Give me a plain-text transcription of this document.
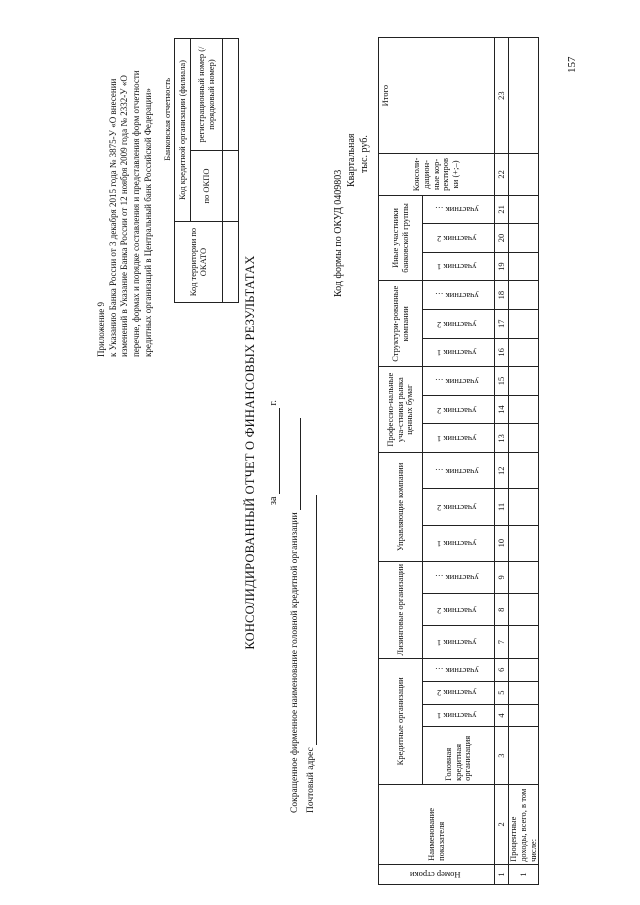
Приложение 9 к Указанию Банка России от 3 декабря 2015 года № 3875-У «О внесении изменений в Указание Банка России от 12 ноября 2009 года № 2332-У «О перечне, формах и порядке составления и представления форм отчетности кредитных организаций в Центральный банк Российской Федерации» Банковская отчетность
Код территории по ОКАТО	Код кредитной организации (филиала)	
	по ОКПО	регистрационный номер (/порядковый номер)

КОНСОЛИДИРОВАННЫЙ ОТЧЕТ О ФИНАНСОВЫХ РЕЗУЛЬТАТАХ за   г.
Сокращенное фирменное наименование головной кредитной организации Почтовый адрес
Код формы по ОКУД 0409803
Квартальная тыс. руб.
Номер строки	Наименование показателя	Кредитные организации				Лизинговые организации			Управляющие компании			Профессио-нальные уча-стники рынка ценных бумаг			Структури-рованные компании			Иные участники банковской группы			Консоли-дацион-ные кор-ректиров ки (+;–)	Итого
		Головная кредитная организация	участник 1	участник 2	участник …	участник 1	участник 2	участник …	участник 1	участник 2	участник …	участник 1	участник 2	участник …	участник 1	участник 2	участник …	участник 1	участник 2	участник …		
1	2	3	4	5	6	7	8	9	10	11	12	13	14	15	16	17	18	19	20	21	22	23
1	Процентные доходы, всего, в том числе:																					
157
